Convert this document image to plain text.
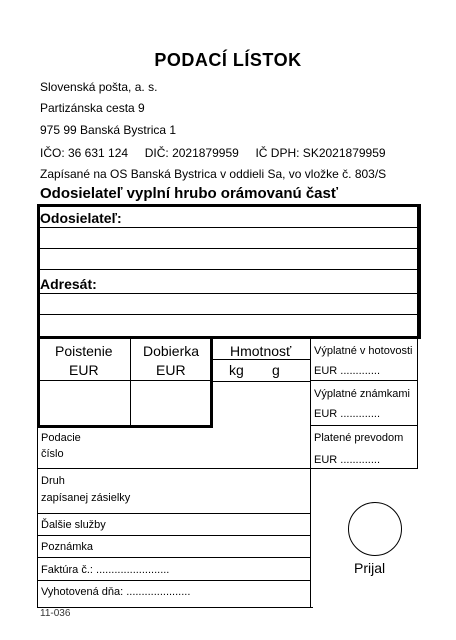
PODACÍ LÍSTOK
Slovenská pošta, a. s.
Partizánska cesta 9
975 99 Banská Bystrica 1
IČO: 36 631 124     DIČ: 2021879959     IČ DPH: SK2021879959
Zapísané na OS Banská Bystrica v oddieli Sa, vo vložke č. 803/S
Odosielateľ vyplní hrubo orámovanú časť
Odosielateľ:
Adresát:
Poistenie
EUR
Dobierka
EUR
Hmotnosť
kg g
Výplatné v hotovosti
EUR .............
Výplatné známkami
EUR .............
Platené prevodom
EUR .............
Podacie
číslo
Druh
zapísanej zásielky
Ďalšie služby
Poznámka
Faktúra č.: ........................
Vyhotovená dňa: .....................
Prijal
11-036
